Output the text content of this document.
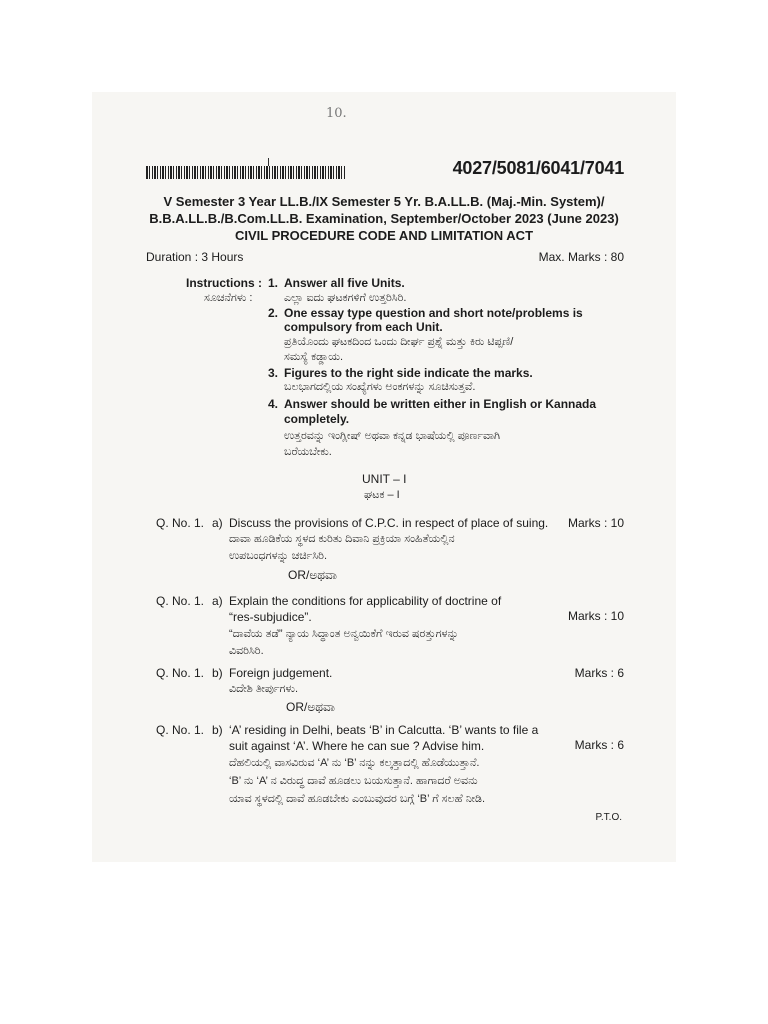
10.
4027/5081/6041/7041
V Semester 3 Year LL.B./IX Semester 5 Yr. B.A.LL.B. (Maj.-Min. System)/
B.B.A.LL.B./B.Com.LL.B. Examination, September/October 2023 (June 2023)
CIVIL PROCEDURE CODE AND LIMITATION ACT
Duration : 3 Hours	Max. Marks : 80
Instructions :
ಸೂಚನೆಗಳು :
1. Answer all five Units.
ಎಲ್ಲಾ ಐದು ಘಟಕಗಳಿಗೆ ಉತ್ತರಿಸಿರಿ.
2. One essay type question and short note/problems is
compulsory from each Unit.
ಪ್ರತಿಯೊಂದು ಘಟಕದಿಂದ ಒಂದು ದೀರ್ಘ ಪ್ರಶ್ನೆ ಮತ್ತು ಕಿರು ಟಿಪ್ಪಣಿ/
ಸಮಸ್ಯೆ ಕಡ್ಡಾಯ.
3. Figures to the right side indicate the marks.
ಬಲಭಾಗದಲ್ಲಿಯ ಸಂಖ್ಯೆಗಳು ಅಂಕಗಳನ್ನು ಸೂಚಿಸುತ್ತವೆ.
4. Answer should be written either in English or Kannada
completely.
ಉತ್ತರವನ್ನು ಇಂಗ್ಲೀಷ್ ಅಥವಾ ಕನ್ನಡ ಭಾಷೆಯಲ್ಲಿ ಪೂರ್ಣವಾಗಿ
ಬರೆಯಬೇಕು.
UNIT – I
ಘಟಕ – I
Q. No. 1. a) Discuss the provisions of C.P.C. in respect of place of suing. Marks : 10
ದಾವಾ ಹೂಡಿಕೆಯ ಸ್ಥಳದ ಕುರಿತು ದಿವಾನಿ ಪ್ರಕ್ರಿಯಾ ಸಂಹಿತೆಯಲ್ಲಿನ
ಉಪಬಂಧಗಳನ್ನು ಚರ್ಚಿಸಿರಿ.
OR/ಅಥವಾ
Q. No. 1. a) Explain the conditions for applicability of doctrine of
“res-subjudice”.	Marks : 10
“ದಾವೆಯ ತಡೆ” ನ್ಯಾಯ ಸಿದ್ಧಾಂತ ಅನ್ವಯಿಕೆಗೆ ಇರುವ ಷರತ್ತುಗಳನ್ನು
ವಿವರಿಸಿರಿ.
Q. No. 1. b) Foreign judgement.	Marks : 6
ವಿದೇಶಿ ತೀರ್ಪುಗಳು.
OR/ಅಥವಾ
Q. No. 1. b) ‘A’ residing in Delhi, beats ‘B’ in Calcutta. ‘B’ wants to file a
suit against ‘A’. Where he can sue ? Advise him.	Marks : 6
ದೆಹಲಿಯಲ್ಲಿ ವಾಸವಿರುವ ‘A’ ನು ‘B’ ನನ್ನು ಕಲ್ಕತ್ತಾದಲ್ಲಿ ಹೊಡೆಯುತ್ತಾನೆ.
‘B’ ನು ‘A’ ನ ವಿರುದ್ಧ ದಾವೆ ಹೂಡಲು ಬಯಸುತ್ತಾನೆ. ಹಾಗಾದರೆ ಅವನು
ಯಾವ ಸ್ಥಳದಲ್ಲಿ ದಾವೆ ಹೂಡಬೇಕು ಎಂಬುವುದರ ಬಗ್ಗೆ ‘B’ ಗೆ ಸಲಹೆ ನೀಡಿ.
P.T.O.
